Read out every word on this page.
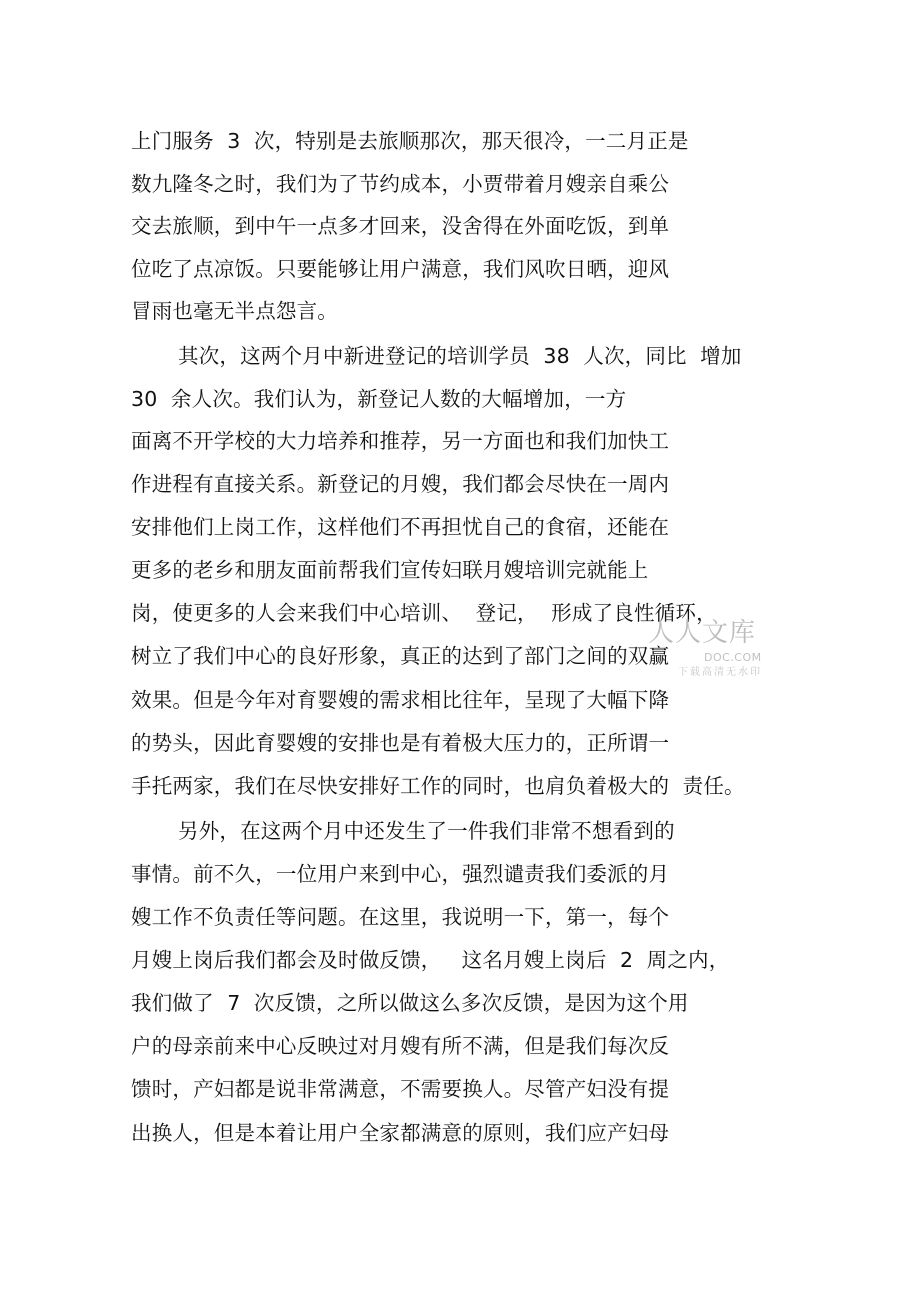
上门服务  3  次，特别是去旅顺那次，那天很冷，一二月正是
数九隆冬之时，我们为了节约成本，小贾带着月嫂亲自乘公
交去旅顺，到中午一点多才回来，没舍得在外面吃饭，到单
位吃了点凉饭。只要能够让用户满意，我们风吹日晒，迎风
冒雨也毫无半点怨言。
其次，这两个月中新进登记的培训学员  38  人次，同比  增加
30  余人次。我们认为，新登记人数的大幅增加，一方
面离不开学校的大力培养和推荐，另一方面也和我们加快工
作进程有直接关系。新登记的月嫂，我们都会尽快在一周内
安排他们上岗工作，这样他们不再担忧自己的食宿，还能在
更多的老乡和朋友面前帮我们宣传妇联月嫂培训完就能上
岗，使更多的人会来我们中心培训、  登记，  形成了良性循环，
树立了我们中心的良好形象，真正的达到了部门之间的双赢
效果。但是今年对育婴嫂的需求相比往年，呈现了大幅下降
的势头，因此育婴嫂的安排也是有着极大压力的，正所谓一
手托两家，我们在尽快安排好工作的同时，也肩负着极大的  责任。
另外，在这两个月中还发生了一件我们非常不想看到的
事情。前不久，一位用户来到中心，强烈谴责我们委派的月
嫂工作不负责任等问题。在这里，我说明一下，第一，每个
月嫂上岗后我们都会及时做反馈，   这名月嫂上岗后  2  周之内，
我们做了  7  次反馈，之所以做这么多次反馈，是因为这个用
户的母亲前来中心反映过对月嫂有所不满，但是我们每次反
馈时，产妇都是说非常满意，不需要换人。尽管产妇没有提
出换人，但是本着让用户全家都满意的原则，我们应产妇母
人人文库
DOC.COM
下载高清无水印
